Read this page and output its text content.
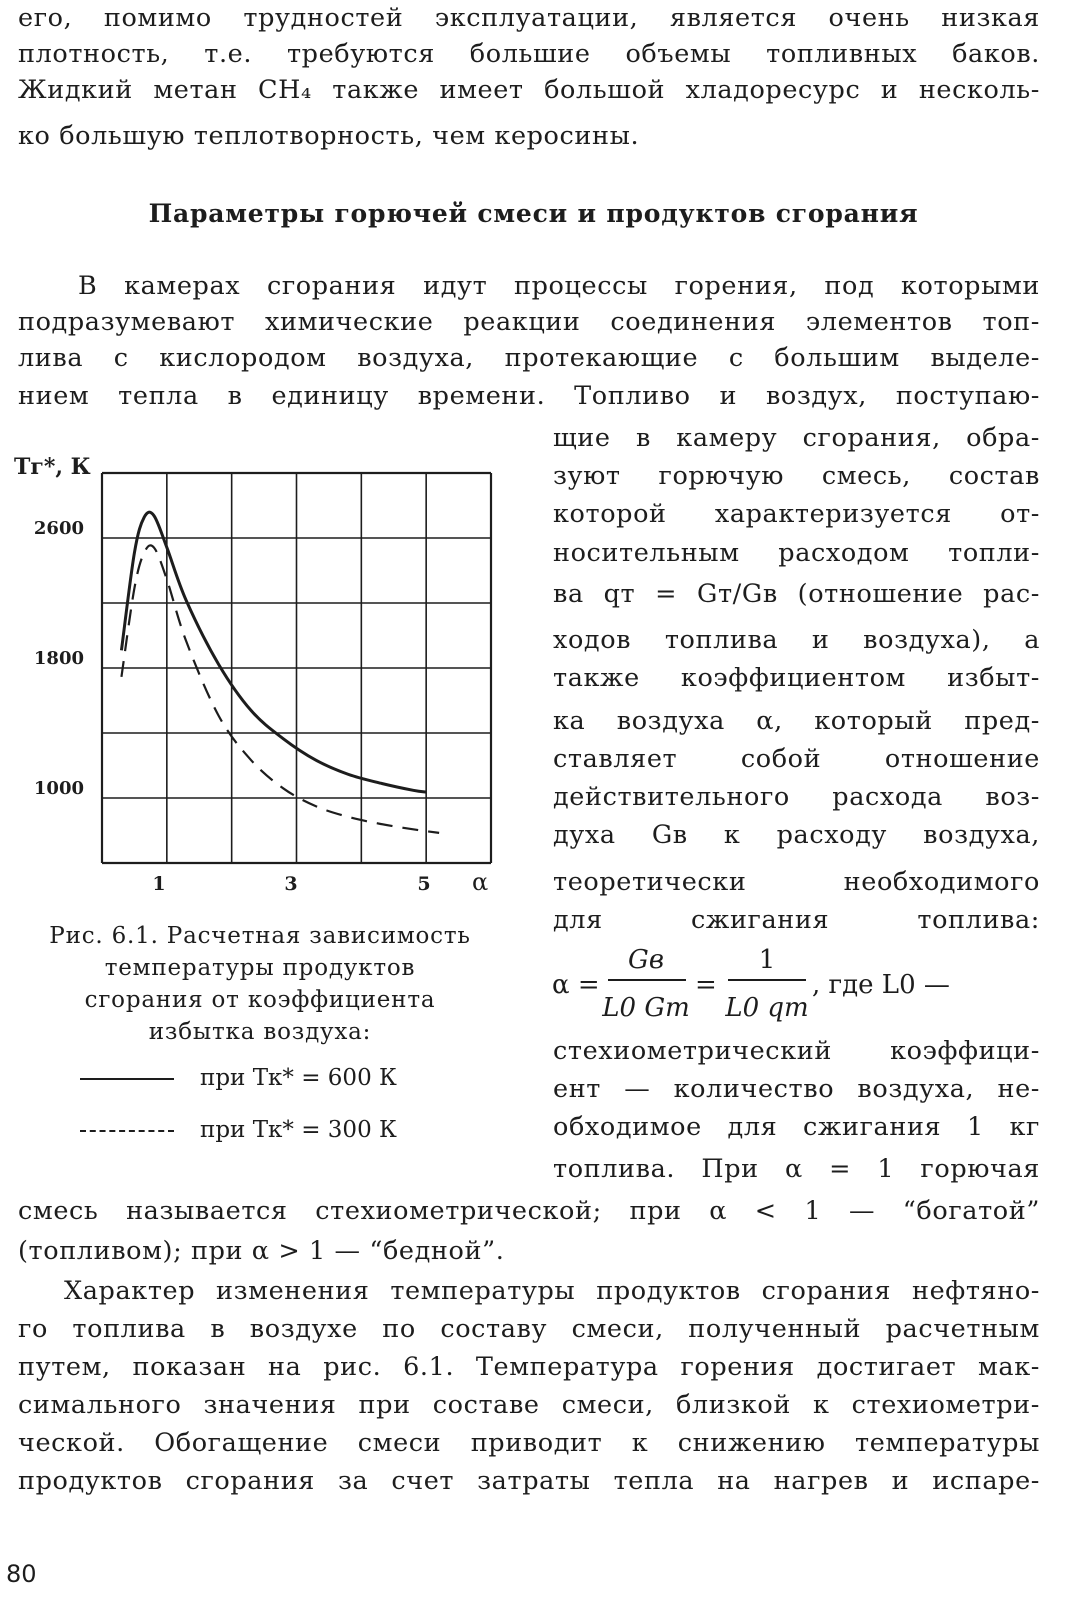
его, помимо трудностей эксплуатации, является очень низкая
плотность, т.е. требуются большие объемы топливных баков.
Жидкий метан СН₄ также имеет большой хладоресурс и несколь-
ко большую теплотворность, чем керосины.
Параметры горючей смеси и продуктов сгорания
В камерах сгорания идут процессы горения, под которыми
подразумевают химические реакции соединения элементов топ-
лива с кислородом воздуха, протекающие с большим выделе-
нием тепла в единицу времени. Топливо и воздух, поступаю-
щие в камеру сгорания, обра-
зуют горючую смесь, состав
которой характеризуется от-
носительным расходом топли-
ва qт = Gт/Gв (отношение рас-
ходов топлива и воздуха), а
также коэффициентом избыт-
ка воздуха α, который пред-
ставляет собой отношение
действительного расхода воз-
духа Gв к расходу воздуха,
теоретически необходимого
для сжигания топлива:
α =
Gв
L0 Gт
=
1
L0 qт
, где L0 —
стехиометрический коэффици-
ент — количество воздуха, не-
обходимое для сжигания 1 кг
топлива. При α = 1 горючая
смесь называется стехиометрической; при α < 1 — “богатой”
(топливом); при α > 1 — “бедной”.
Характер изменения температуры продуктов сгорания нефтяно-
го топлива в воздухе по составу смеси, полученный расчетным
путем, показан на рис. 6.1. Температура горения достигает мак-
симального значения при составе смеси, близкой к стехиометри-
ческой. Обогащение смеси приводит к снижению температуры
продуктов сгорания за счет затраты тепла на нагрев и испаре-
Tг*, К
α
2600
1800
1000
1	3	5
Рис. 6.1. Расчетная зависимость
температуры продуктов
сгорания от коэффициента
избытка воздуха:
при Tк* = 600 К
при Tк* = 300 К
80
